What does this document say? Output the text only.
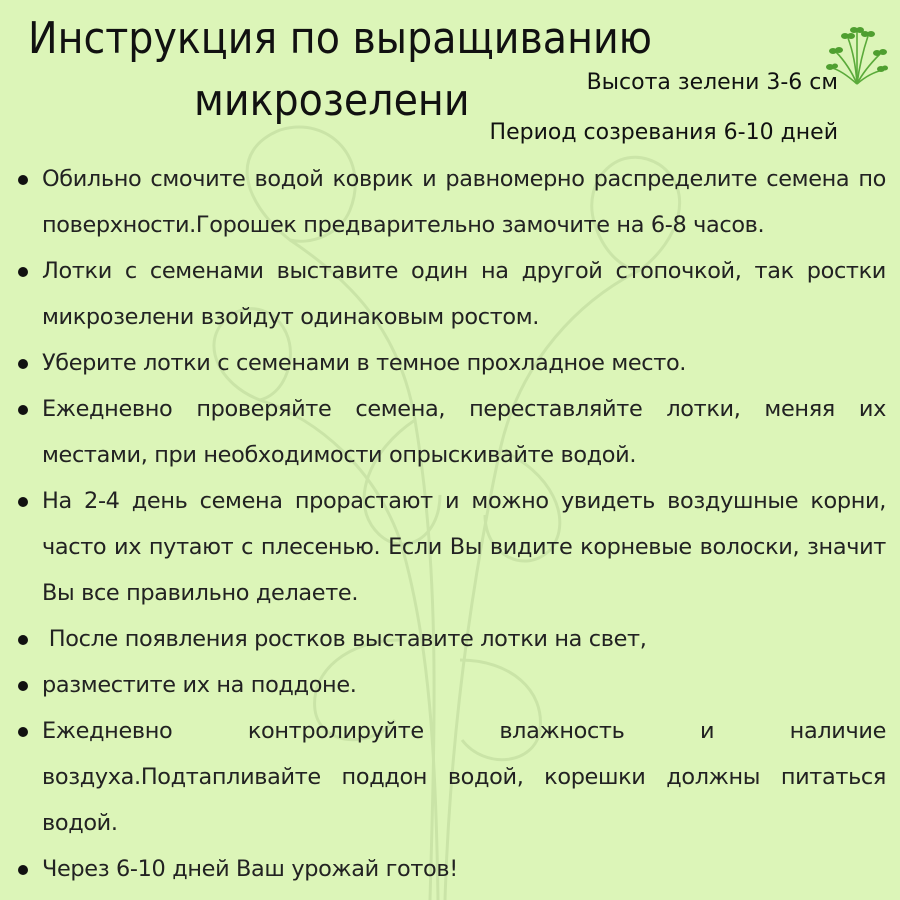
Инструкция по выращиванию
микрозелени	Высота зелени 3-6 см
Период созревания 6-10 дней
Обильно смочите водой коврик и равномерно распределите семена по поверхности.Горошек предварительно замочите на 6-8 часов.
Лотки с семенами выставите один на другой стопочкой, так ростки микрозелени взойдут одинаковым ростом.
Уберите лотки с семенами в темное прохладное место.
Ежедневно проверяйте семена, переставляйте лотки, меняя их местами, при необходимости опрыскивайте водой.
На 2-4 день семена прорастают и можно увидеть воздушные корни, часто их путают с плесенью. Если Вы видите корневые волоски, значит Вы все правильно делаете.
После появления ростков выставите лотки на свет,
разместите их на поддоне.
Ежедневно контролируйте влажность и наличие воздуха.Подтапливайте поддон водой, корешки должны питаться водой.
Через 6-10 дней Ваш урожай готов!
